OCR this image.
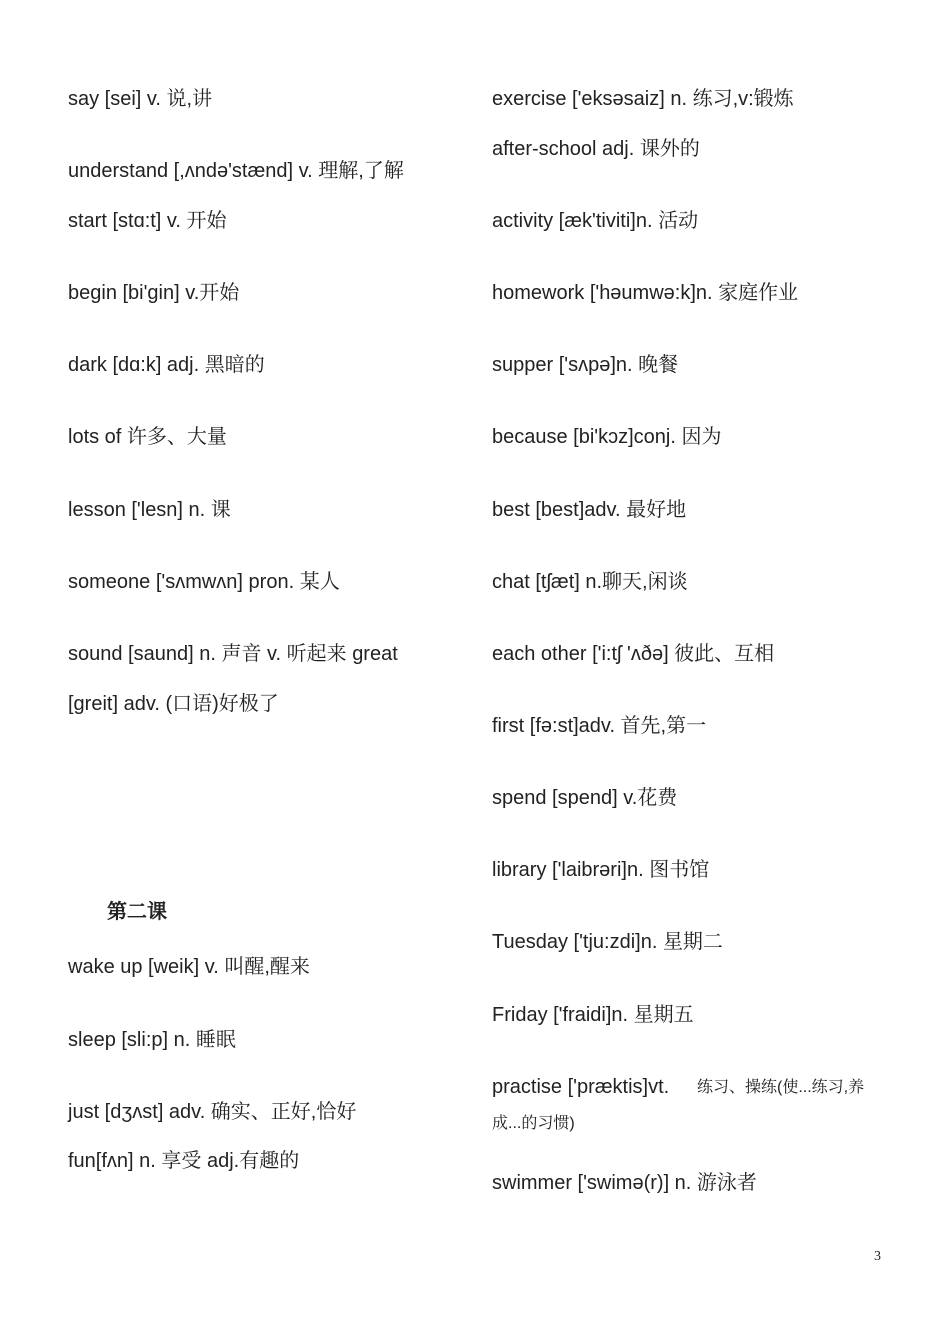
say [sei] v. 说,讲
understand [,ʌndə'stænd] v. 理解,了解
start [stɑ:t] v. 开始
begin [bi'gin] v.开始
dark [dɑ:k] adj. 黑暗的
lots of 许多、大量
lesson ['lesn] n. 课
someone ['sʌmwʌn] pron. 某人
sound [saund] n. 声音 v. 听起来 great
[greit] adv. (口语)好极了
第二课
wake up [weik] v. 叫醒,醒来
sleep [sli:p] n. 睡眠
just [dʒʌst] adv. 确实、正好,恰好
fun[fʌn] n. 享受 adj.有趣的
exercise ['eksəsaiz] n. 练习,v:锻炼
after-school adj. 课外的
activity [æk'tiviti]n. 活动
homework ['həumwə:k]n. 家庭作业
supper ['sʌpə]n. 晚餐
because [bi'kɔz]conj. 因为
best [best]adv. 最好地
chat [tʃæt] n.聊天,闲谈
each other ['i:tʃ 'ʌðə] 彼此、互相
first [fə:st]adv. 首先,第一
spend [spend] v.花费
library ['laibrəri]n. 图书馆
Tuesday ['tju:zdi]n. 星期二
Friday ['fraidi]n. 星期五
practise ['præktis]vt. 练习、操练(使...练习,养
成...的习惯)
swimmer ['swimə(r)] n. 游泳者
3
